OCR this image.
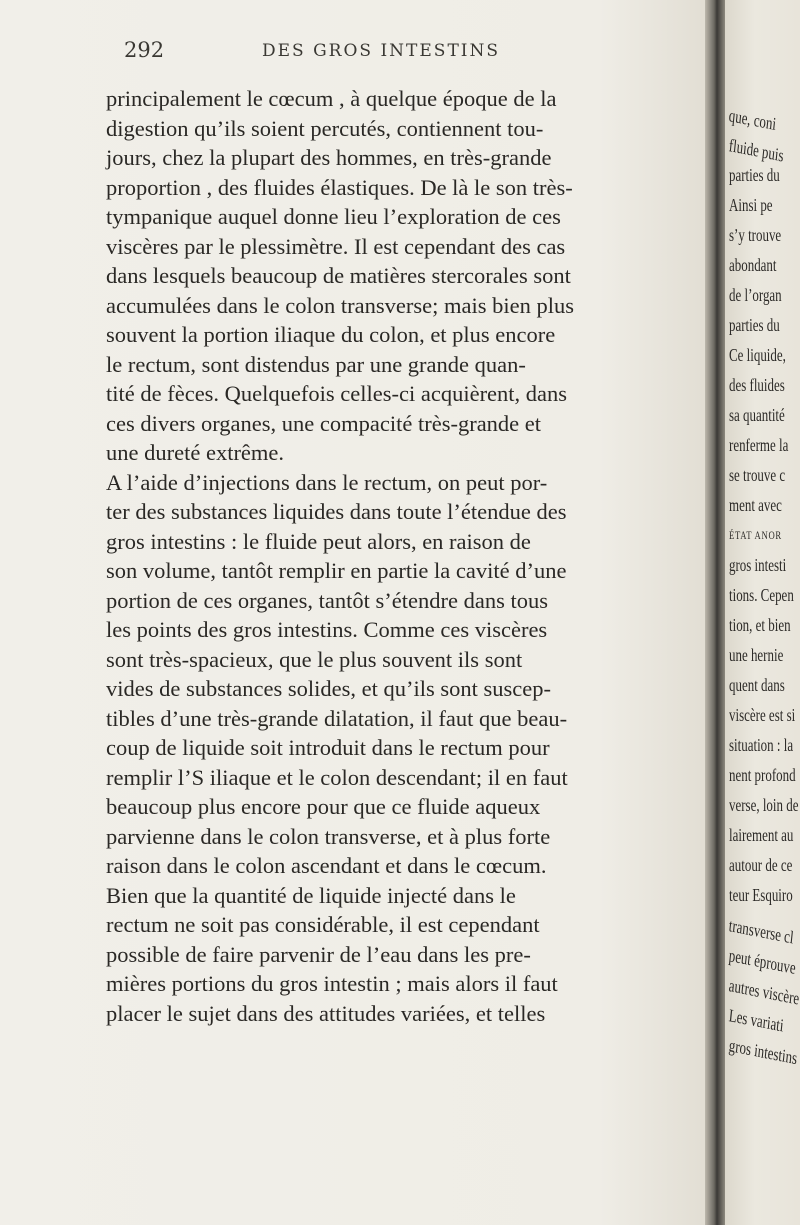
292	DES GROS INTESTINS
principalement le cœcum , à quelque époque de la
digestion qu’ils soient percutés, contiennent tou-
jours, chez la plupart des hommes, en très-grande
proportion , des fluides élastiques. De là le son très-
tympanique auquel donne lieu l’exploration de ces
viscères par le plessimètre. Il est cependant des cas
dans lesquels beaucoup de matières stercorales sont
accumulées dans le colon transverse; mais bien plus
souvent la portion iliaque du colon, et plus encore
le rectum, sont distendus par une grande quan-
tité de fèces. Quelquefois celles-ci acquièrent, dans
ces divers organes, une compacité très-grande et
une dureté extrême.
A l’aide d’injections dans le rectum, on peut por-
ter des substances liquides dans toute l’étendue des
gros intestins : le fluide peut alors, en raison de
son volume, tantôt remplir en partie la cavité d’une
portion de ces organes, tantôt s’étendre dans tous
les points des gros intestins. Comme ces viscères
sont très-spacieux, que le plus souvent ils sont
vides de substances solides, et qu’ils sont suscep-
tibles d’une très-grande dilatation, il faut que beau-
coup de liquide soit introduit dans le rectum pour
remplir l’S iliaque et le colon descendant; il en faut
beaucoup plus encore pour que ce fluide aqueux
parvienne dans le colon transverse, et à plus forte
raison dans le colon ascendant et dans le cœcum.
Bien que la quantité de liquide injecté dans le
rectum ne soit pas considérable, il est cependant
possible de faire parvenir de l’eau dans les pre-
mières portions du gros intestin ; mais alors il faut
placer le sujet dans des attitudes variées, et telles
que, coni
fluide puis
parties du
Ainsi pe
s’y trouve
abondant
de l’organ
parties du
Ce liquide,
des fluides
sa quantité
renferme la
se trouve c
ment avec
ÉTAT ANOR
gros intesti
tions. Cepen
tion, et bien
une hernie
quent dans
viscère est si
situation : la
nent profond
verse, loin de
lairement au
autour de ce
teur Esquiro
transverse cl
peut éprouve
autres viscère
Les variati
gros intestins
